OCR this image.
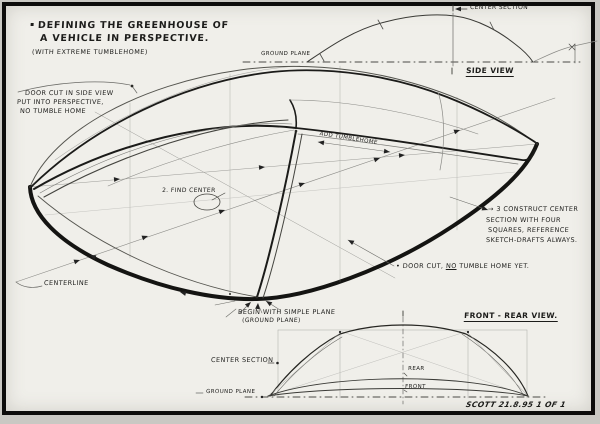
▪ DEFINING THE GREENHOUSE OF
A VEHICLE IN PERSPECTIVE.
(WITH EXTREME TUMBLEHOME)
CENTER SECTION
GROUND PLANE
SIDE VIEW
DOOR CUT IN SIDE VIEW
PUT INTO PERSPECTIVE,
NO TUMBLE HOME
ADD TUMBLEHOME
2. FIND CENTER
CENTERLINE
• DOOR CUT, NO TUMBLE HOME YET.
→ 3 CONSTRUCT CENTER
SECTION WITH FOUR
SQUARES, REFERENCE
SKETCH-DRAFTS ALWAYS.
BEGIN WITH SIMPLE PLANE
(GROUND PLANE)
FRONT - REAR VIEW.
CENTER SECTION
GROUND PLANE
REAR
FRONT
SCOTT 21.8.95 1 OF 1
